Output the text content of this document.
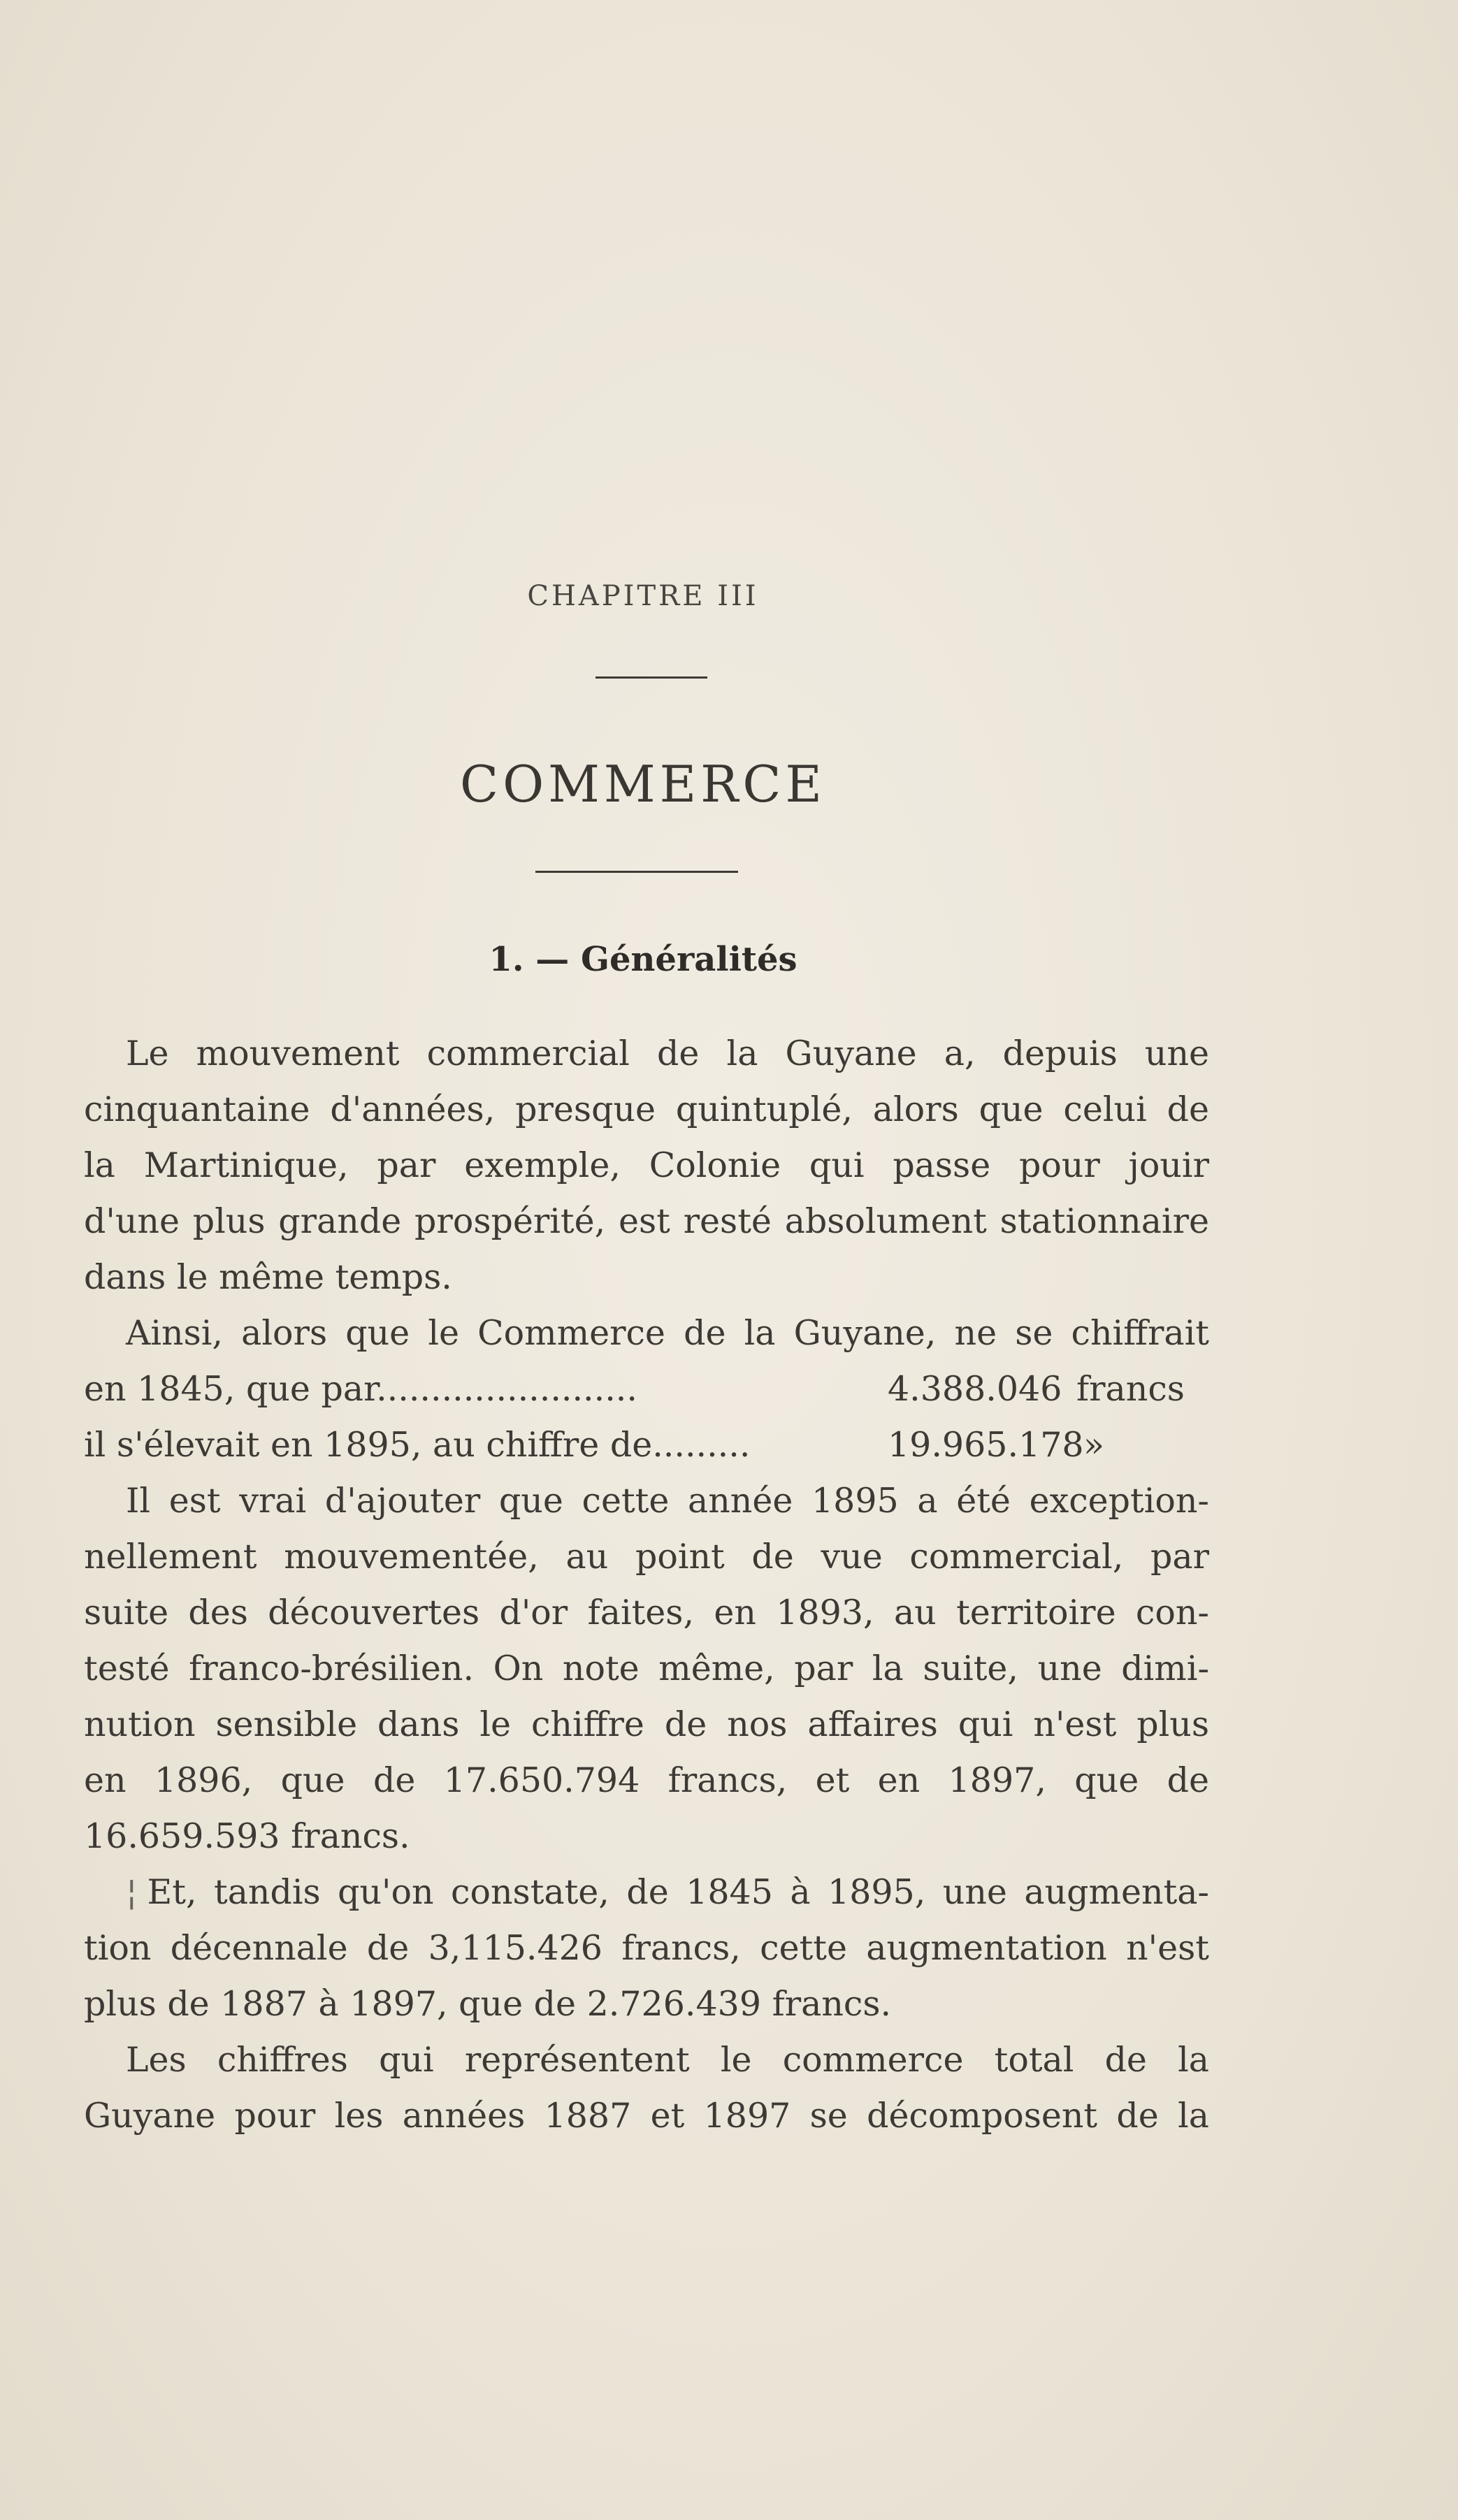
CHAPITRE III
COMMERCE
1. — Généralités
Le mouvement commercial de la Guyane a, depuis une
cinquantaine d'années, presque quintuplé, alors que celui de
la Martinique, par exemple, Colonie qui passe pour jouir
d'une plus grande prospérité, est resté absolument stationnaire
dans le même temps.
Ainsi, alors que le Commerce de la Guyane, ne se chiffrait
en 1845, que par........................	4.388.046 francs
il s'élevait en 1895, au chiffre de.........	19.965.178 »
Il est vrai d'ajouter que cette année 1895 a été exception-
nellement mouvementée, au point de vue commercial, par
suite des découvertes d'or faites, en 1893, au territoire con-
testé franco-brésilien. On note même, par la suite, une dimi-
nution sensible dans le chiffre de nos affaires qui n'est plus
en 1896, que de 17.650.794 francs, et en 1897, que de
16.659.593 francs.
¦ Et, tandis qu'on constate, de 1845 à 1895, une augmenta-
tion décennale de 3,115.426 francs, cette augmentation n'est
plus de 1887 à 1897, que de 2.726.439 francs.
Les chiffres qui représentent le commerce total de la
Guyane pour les années 1887 et 1897 se décomposent de la
